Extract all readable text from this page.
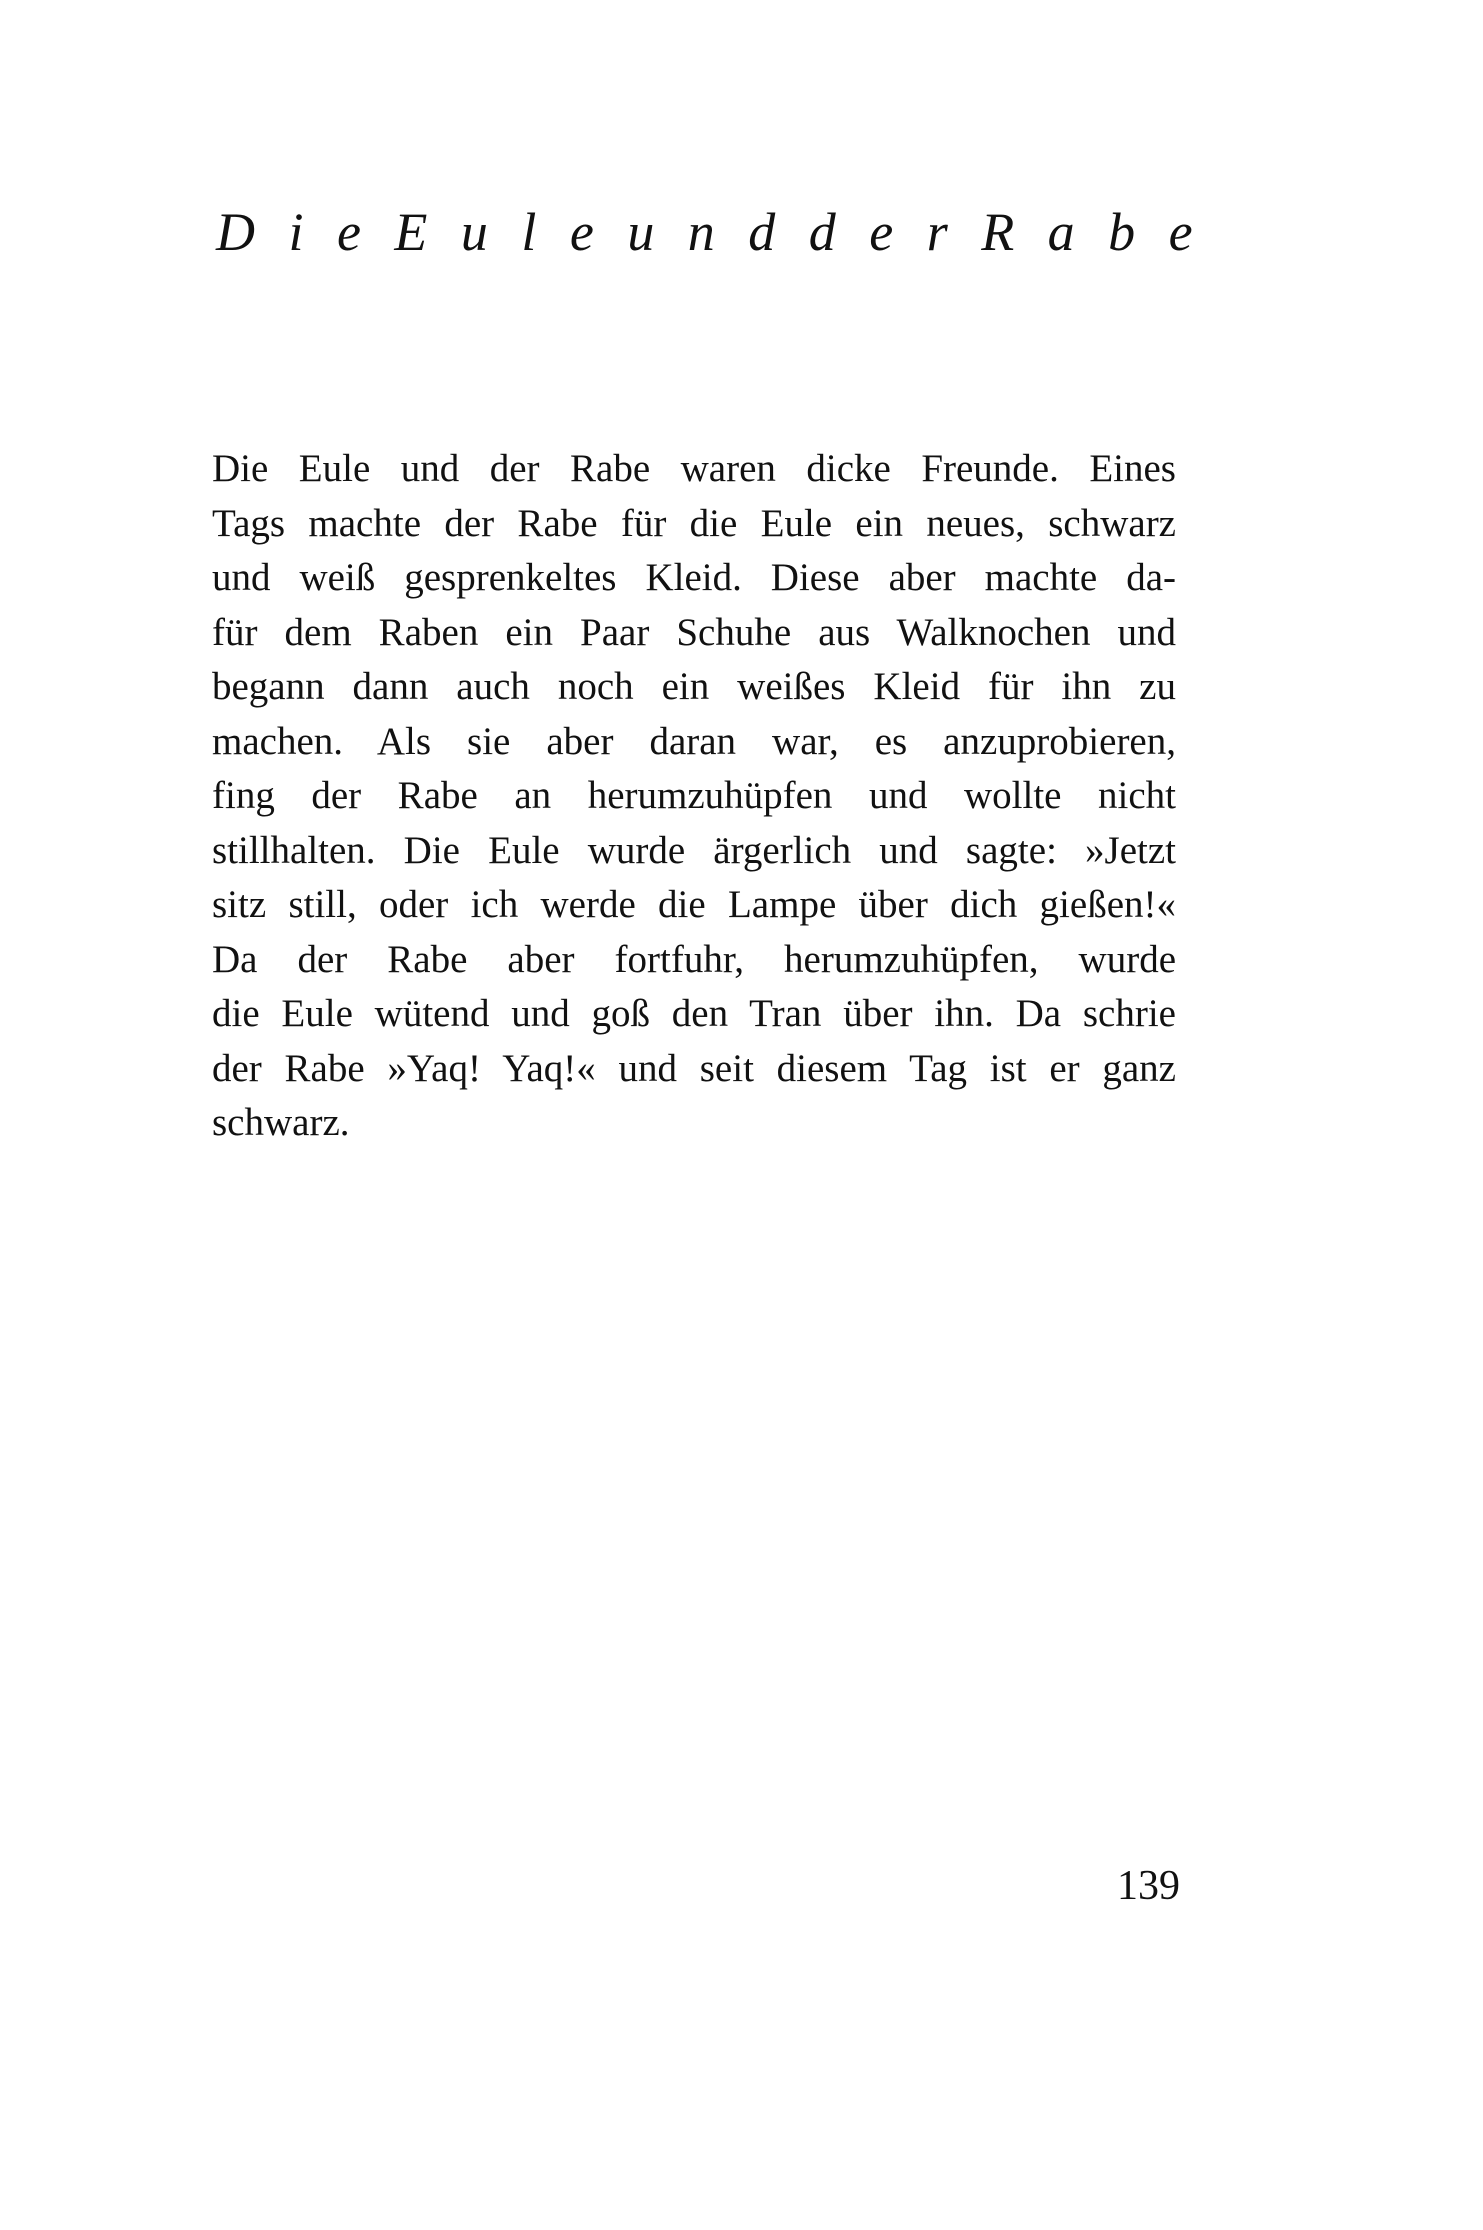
Die Eule und der Rabe
Die Eule und der Rabe waren dicke Freunde. Eines
Tags machte der Rabe für die Eule ein neues, schwarz
und weiß gesprenkeltes Kleid. Diese aber machte da-
für dem Raben ein Paar Schuhe aus Walknochen und
begann dann auch noch ein weißes Kleid für ihn zu
machen. Als sie aber daran war, es anzuprobieren,
fing der Rabe an herumzuhüpfen und wollte nicht
stillhalten. Die Eule wurde ärgerlich und sagte: »Jetzt
sitz still, oder ich werde die Lampe über dich gießen!«
Da der Rabe aber fortfuhr, herumzuhüpfen, wurde
die Eule wütend und goß den Tran über ihn. Da schrie
der Rabe »Yaq! Yaq!« und seit diesem Tag ist er ganz
schwarz.
139
